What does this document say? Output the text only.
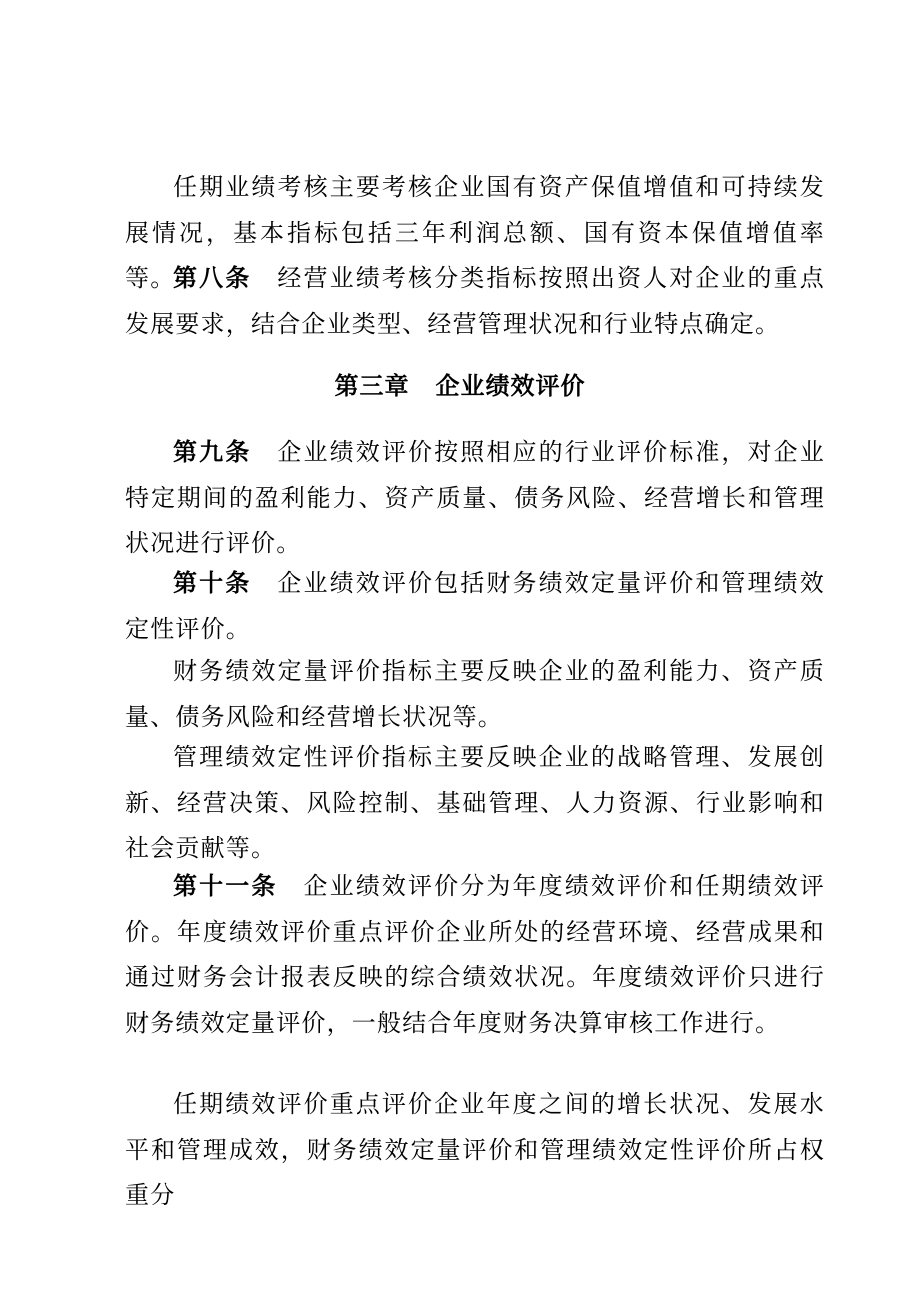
任期业绩考核主要考核企业国有资产保值增值和可持续发展情况，基本指标包括三年利润总额、国有资本保值增值率等。

第八条 经营业绩考核分类指标按照出资人对企业的重点发展要求，结合企业类型、经营管理状况和行业特点确定。

第三章 企业绩效评价

第九条 企业绩效评价按照相应的行业评价标准，对企业特定期间的盈利能力、资产质量、债务风险、经营增长和管理状况进行评价。

第十条 企业绩效评价包括财务绩效定量评价和管理绩效定性评价。

财务绩效定量评价指标主要反映企业的盈利能力、资产质量、债务风险和经营增长状况等。

管理绩效定性评价指标主要反映企业的战略管理、发展创新、经营决策、风险控制、基础管理、人力资源、行业影响和社会贡献等。

第十一条 企业绩效评价分为年度绩效评价和任期绩效评价。年度绩效评价重点评价企业所处的经营环境、经营成果和通过财务会计报表反映的综合绩效状况。年度绩效评价只进行财务绩效定量评价，一般结合年度财务决算审核工作进行。

任期绩效评价重点评价企业年度之间的增长状况、发展水平和管理成效，财务绩效定量评价和管理绩效定性评价所占权重分
